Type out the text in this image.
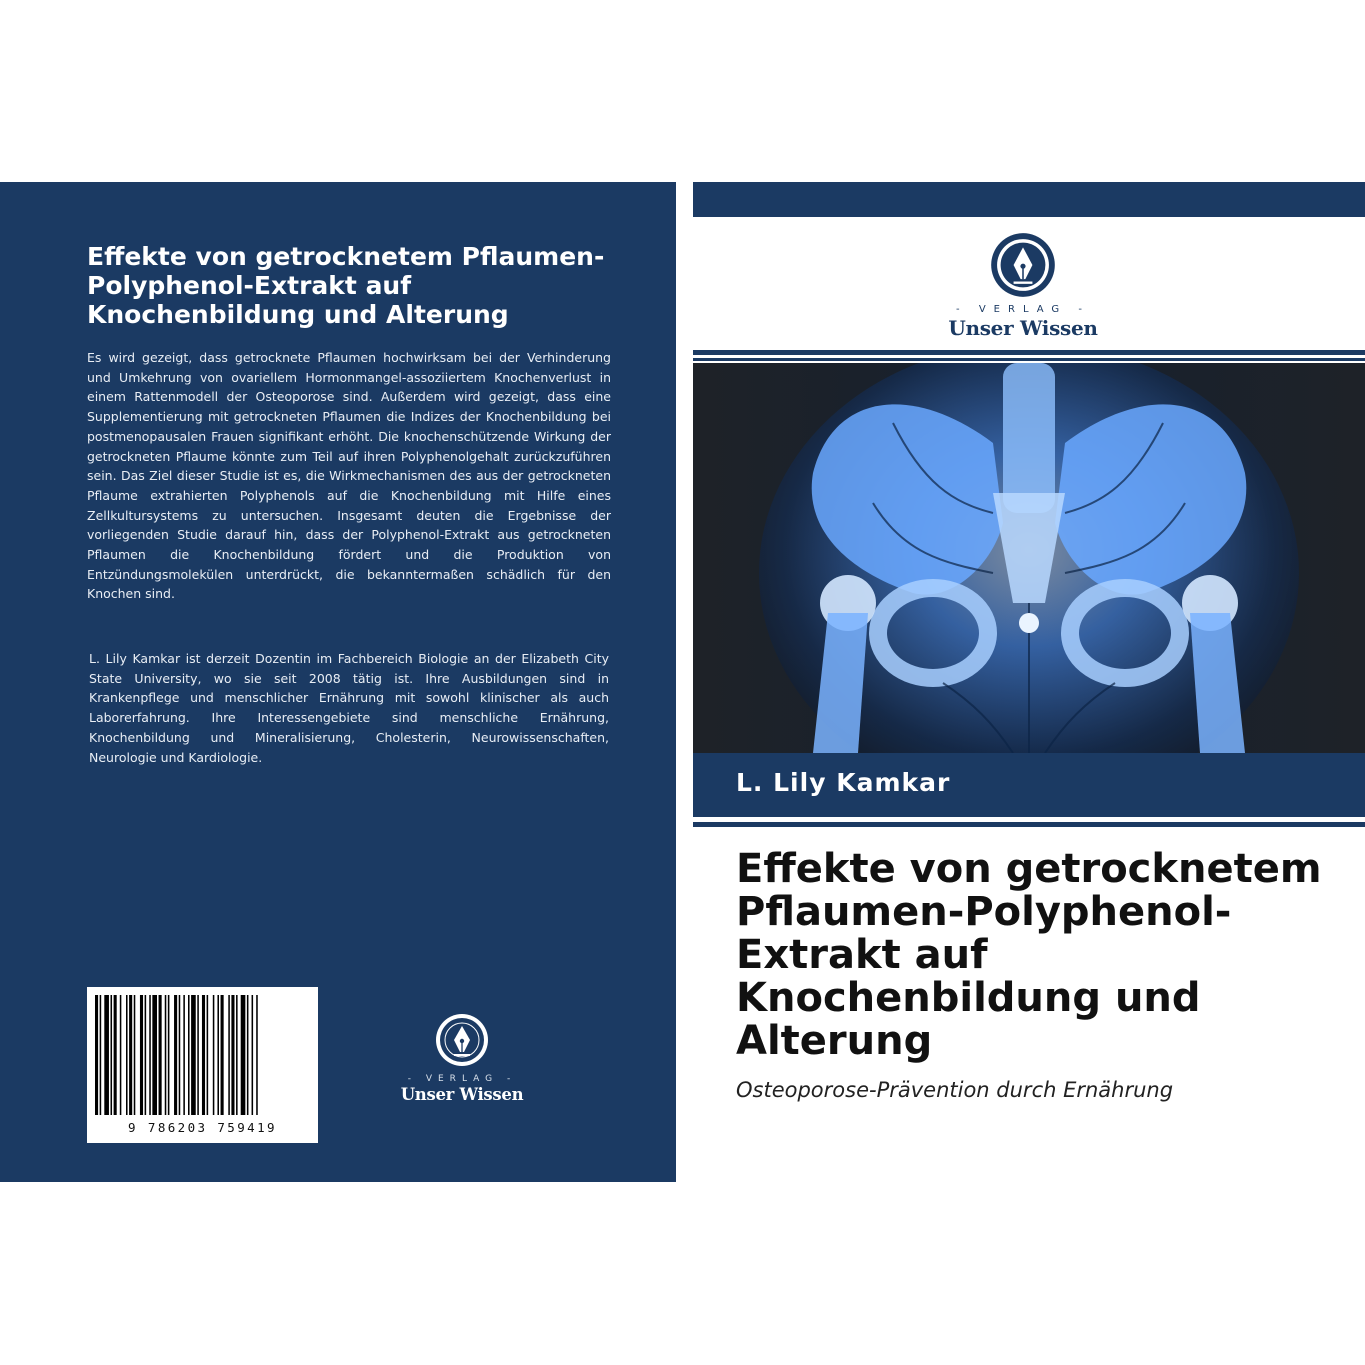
Effekte von getrocknetem Pflaumen-Polyphenol-Extrakt auf Knochenbildung und Alterung

Es wird gezeigt, dass getrocknete Pflaumen hochwirksam bei der Verhinderung und Umkehrung von ovariellem Hormonmangel-assoziiertem Knochenverlust in einem Rattenmodell der Osteoporose sind. Außerdem wird gezeigt, dass eine Supplementierung mit getrockneten Pflaumen die Indizes der Knochenbildung bei postmenopausalen Frauen signifikant erhöht. Die knochenschützende Wirkung der getrockneten Pflaume könnte zum Teil auf ihren Polyphenolgehalt zurückzuführen sein. Das Ziel dieser Studie ist es, die Wirkmechanismen des aus der getrockneten Pflaume extrahierten Polyphenols auf die Knochenbildung mit Hilfe eines Zellkultursystems zu untersuchen. Insgesamt deuten die Ergebnisse der vorliegenden Studie darauf hin, dass der Polyphenol-Extrakt aus getrockneten Pflaumen die Knochenbildung fördert und die Produktion von Entzündungsmolekülen unterdrückt, die bekanntermaßen schädlich für den Knochen sind.

L. Lily Kamkar ist derzeit Dozentin im Fachbereich Biologie an der Elizabeth City State University, wo sie seit 2008 tätig ist. Ihre Ausbildungen sind in Krankenpflege und menschlicher Ernährung mit sowohl klinischer als auch Laborerfahrung. Ihre Interessengebiete sind menschliche Ernährung, Knochenbildung und Mineralisierung, Cholesterin, Neurowissenschaften, Neurologie und Kardiologie.

9 786203 759419
- VERLAG -
Unser Wissen
- VERLAG -
Unser Wissen
L. Lily Kamkar
Effekte von getrocknetem Pflaumen-Polyphenol-Extrakt auf Knochenbildung und Alterung
Osteoporose-Prävention durch Ernährung
